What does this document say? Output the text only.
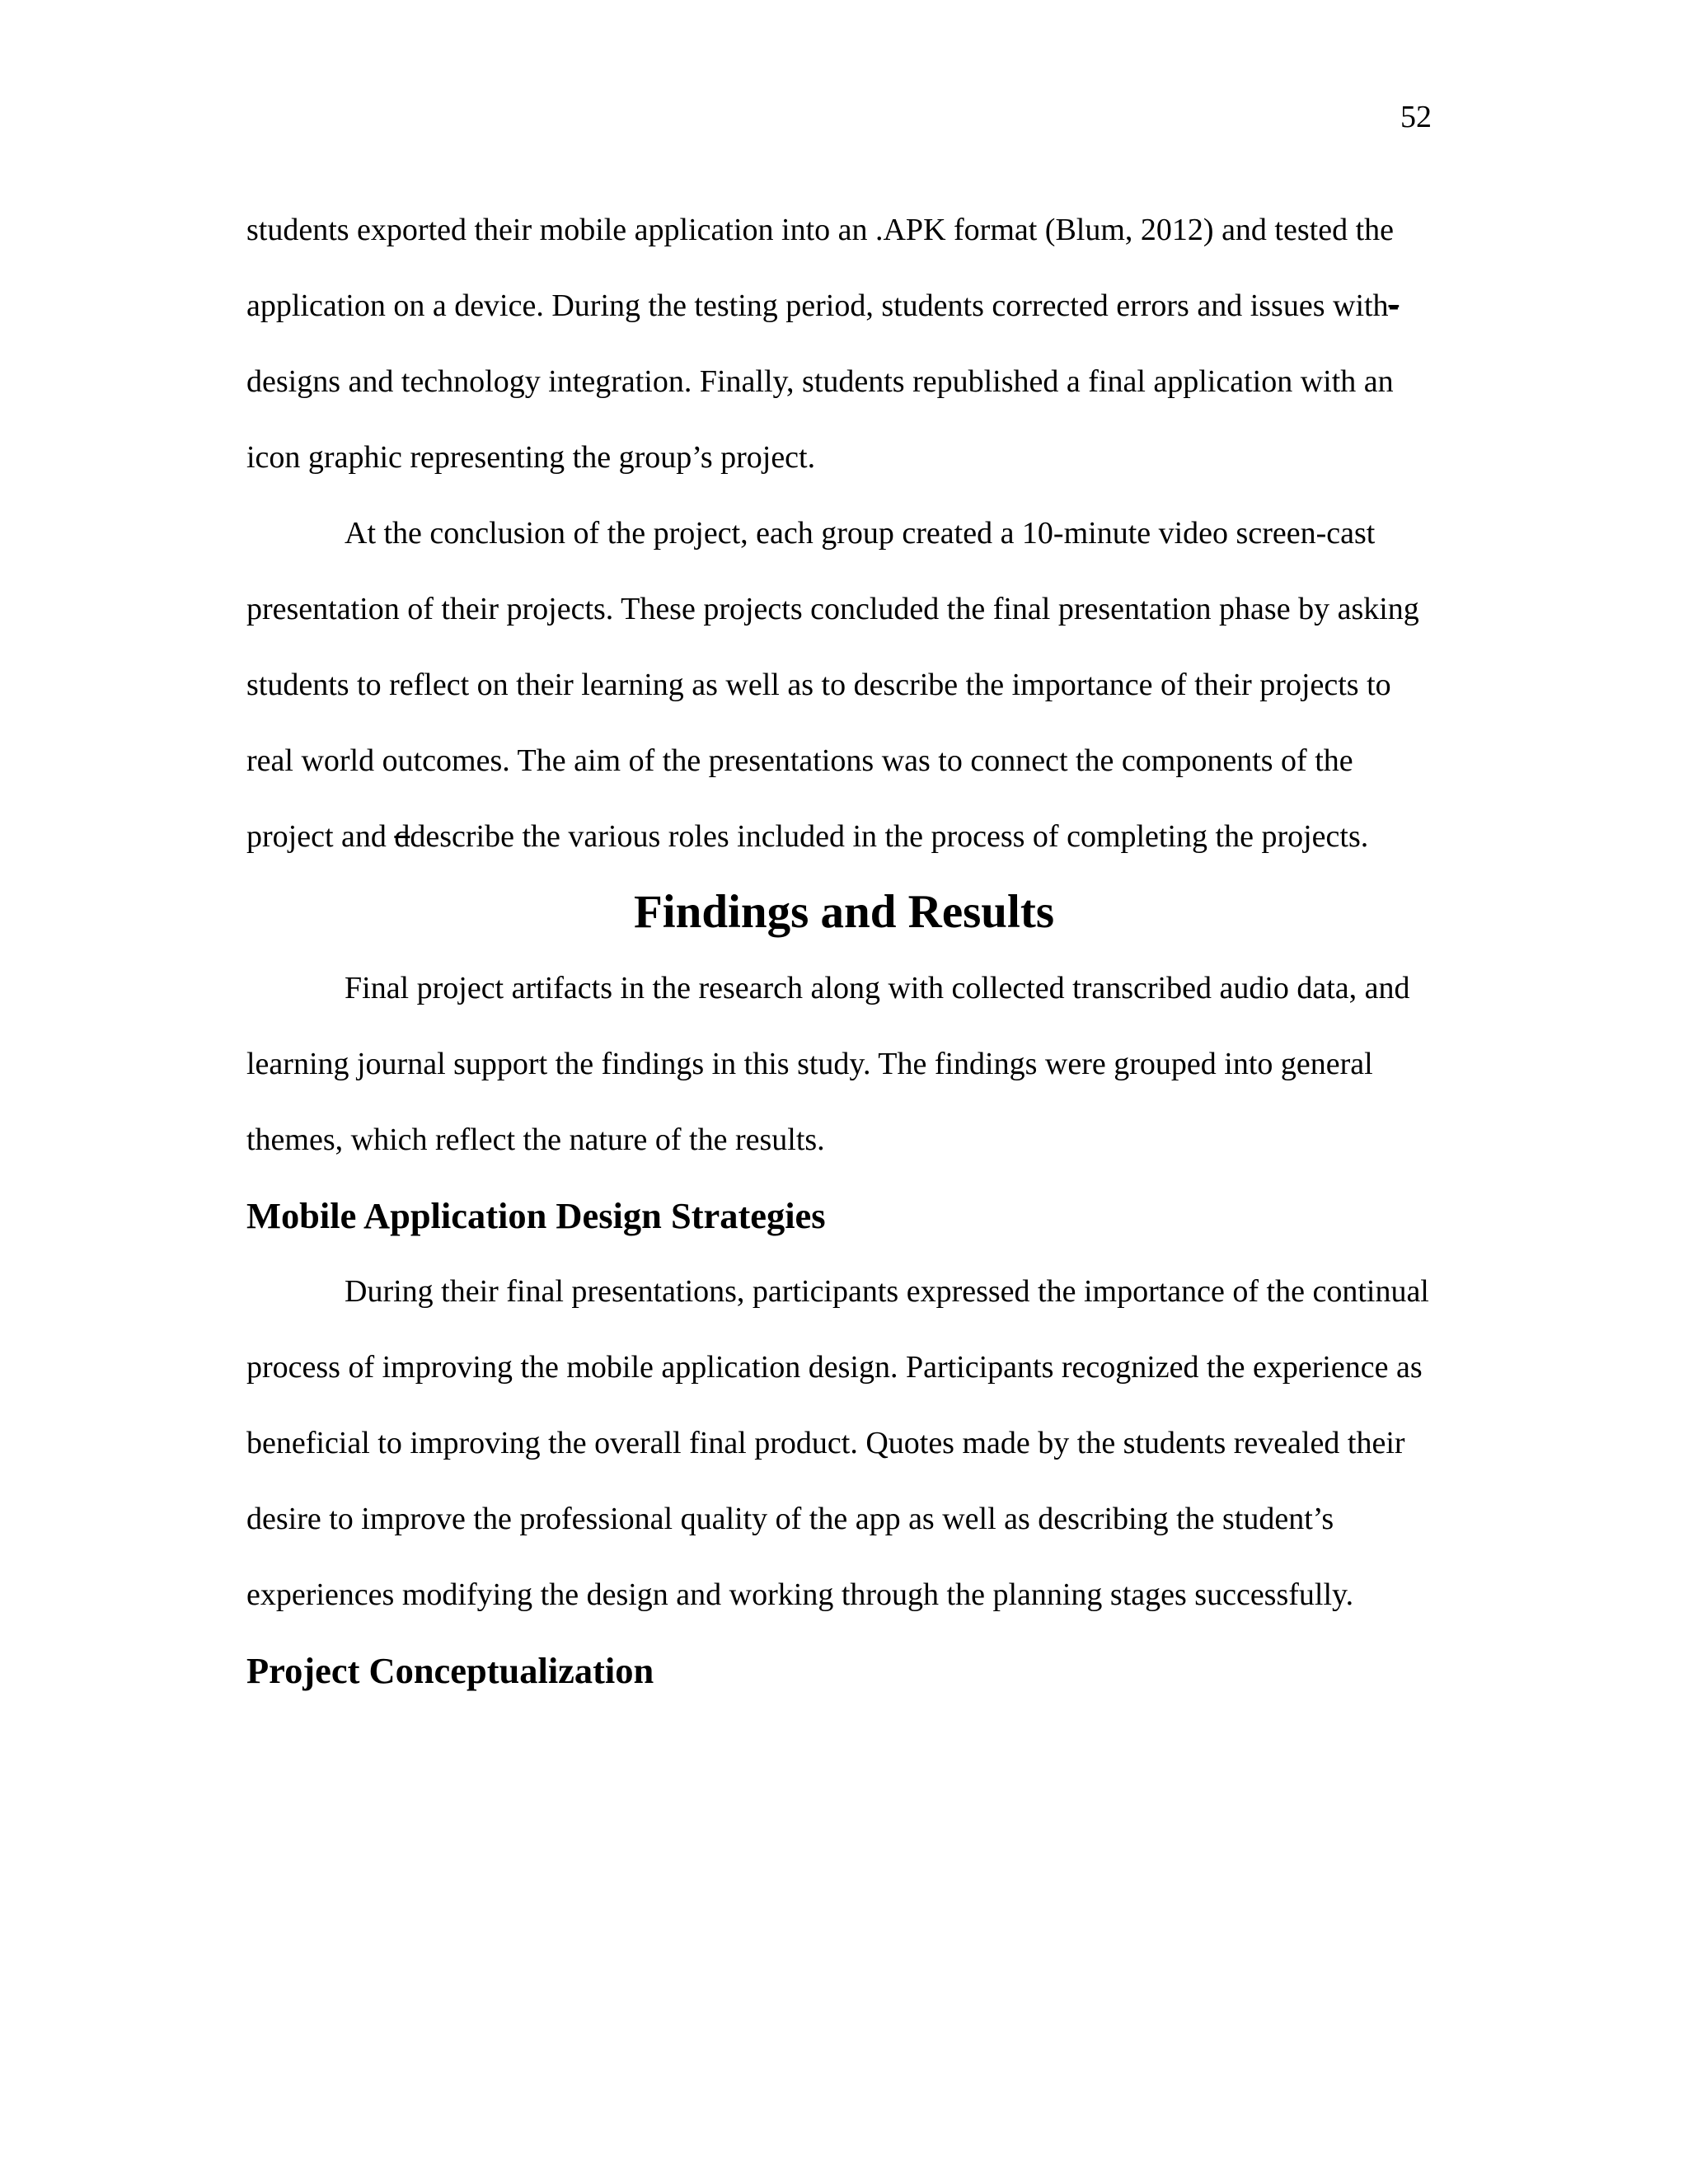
52

students exported their mobile application into an .APK format (Blum, 2012) and tested the application on a device. During the testing period, students corrected errors and issues with-designs and technology integration. Finally, students republished a final application with an icon graphic representing the group’s project.

At the conclusion of the project, each group created a 10-minute video screen-cast presentation of their projects. These projects concluded the final presentation phase by asking students to reflect on their learning as well as to describe the importance of their projects to real world outcomes. The aim of the presentations was to connect the components of the project and ddescribe the various roles included in the process of completing the projects.

Findings and Results

Final project artifacts in the research along with collected transcribed audio data, and learning journal support the findings in this study. The findings were grouped into general themes, which reflect the nature of the results.

Mobile Application Design Strategies

During their final presentations, participants expressed the importance of the continual process of improving the mobile application design. Participants recognized the experience as beneficial to improving the overall final product. Quotes made by the students revealed their desire to improve the professional quality of the app as well as describing the student’s experiences modifying the design and working through the planning stages successfully.

Project Conceptualization
